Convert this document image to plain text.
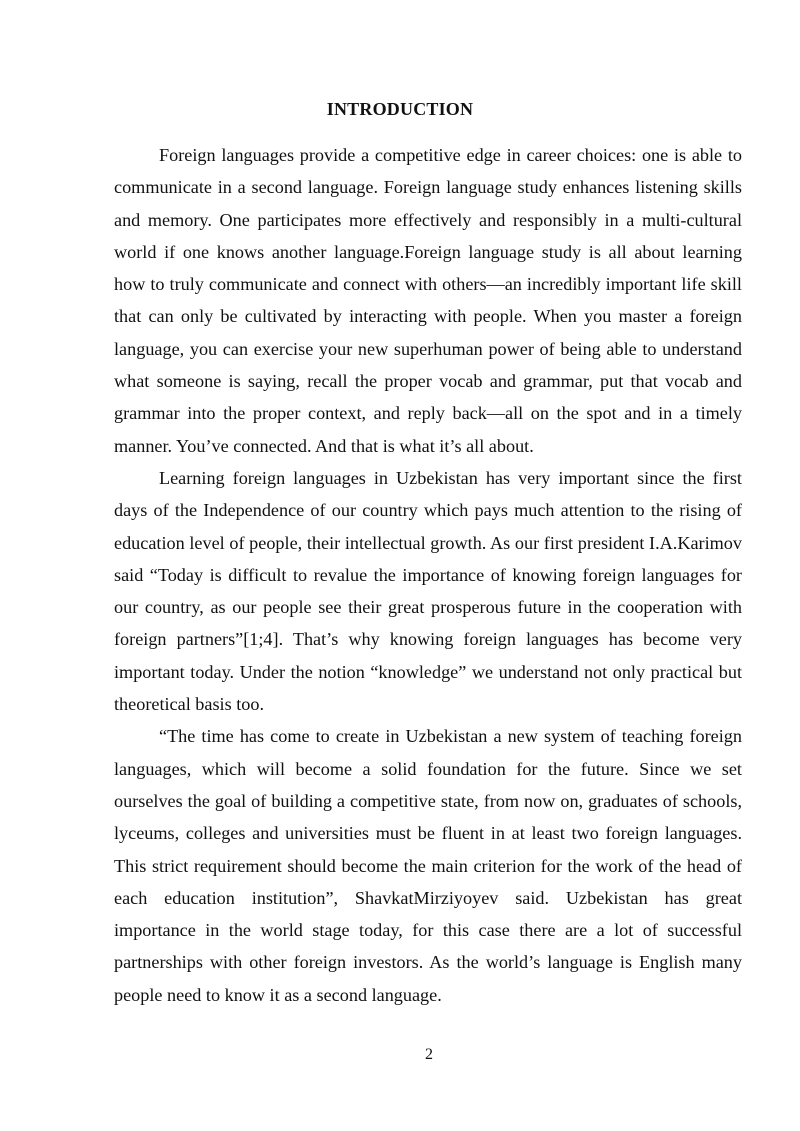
INTRODUCTION

Foreign languages provide a competitive edge in career choices: one is able to communicate in a second language. Foreign language study enhances listening skills and memory. One participates more effectively and responsibly in a multi-cultural world if one knows another language.Foreign language study is all about learning how to truly communicate and connect with others—an incredibly important life skill that can only be cultivated by interacting with people. When you master a foreign language, you can exercise your new superhuman power of being able to understand what someone is saying, recall the proper vocab and grammar, put that vocab and grammar into the proper context, and reply back—all on the spot and in a timely manner. You’ve connected. And that is what it’s all about.

Learning foreign languages in Uzbekistan has very important since the first days of the Independence of our country which pays much attention to the rising of education level of people, their intellectual growth. As our first president I.A.Karimov said “Today is difficult to revalue the importance of knowing foreign languages for our country, as our people see their great prosperous future in the cooperation with foreign partners”[1;4]. That’s why knowing foreign languages has become very important today. Under the notion “knowledge” we understand not only practical but theoretical basis too.

“The time has come to create in Uzbekistan a new system of teaching foreign languages, which will become a solid foundation for the future. Since we set ourselves the goal of building a competitive state, from now on, graduates of schools, lyceums, colleges and universities must be fluent in at least two foreign languages. This strict requirement should become the main criterion for the work of the head of each education institution”, ShavkatMirziyoyev said. Uzbekistan has great importance in the world stage today, for this case there are a lot of successful partnerships with other foreign investors. As the world’s language is English many people need to know it as a second language.

2
